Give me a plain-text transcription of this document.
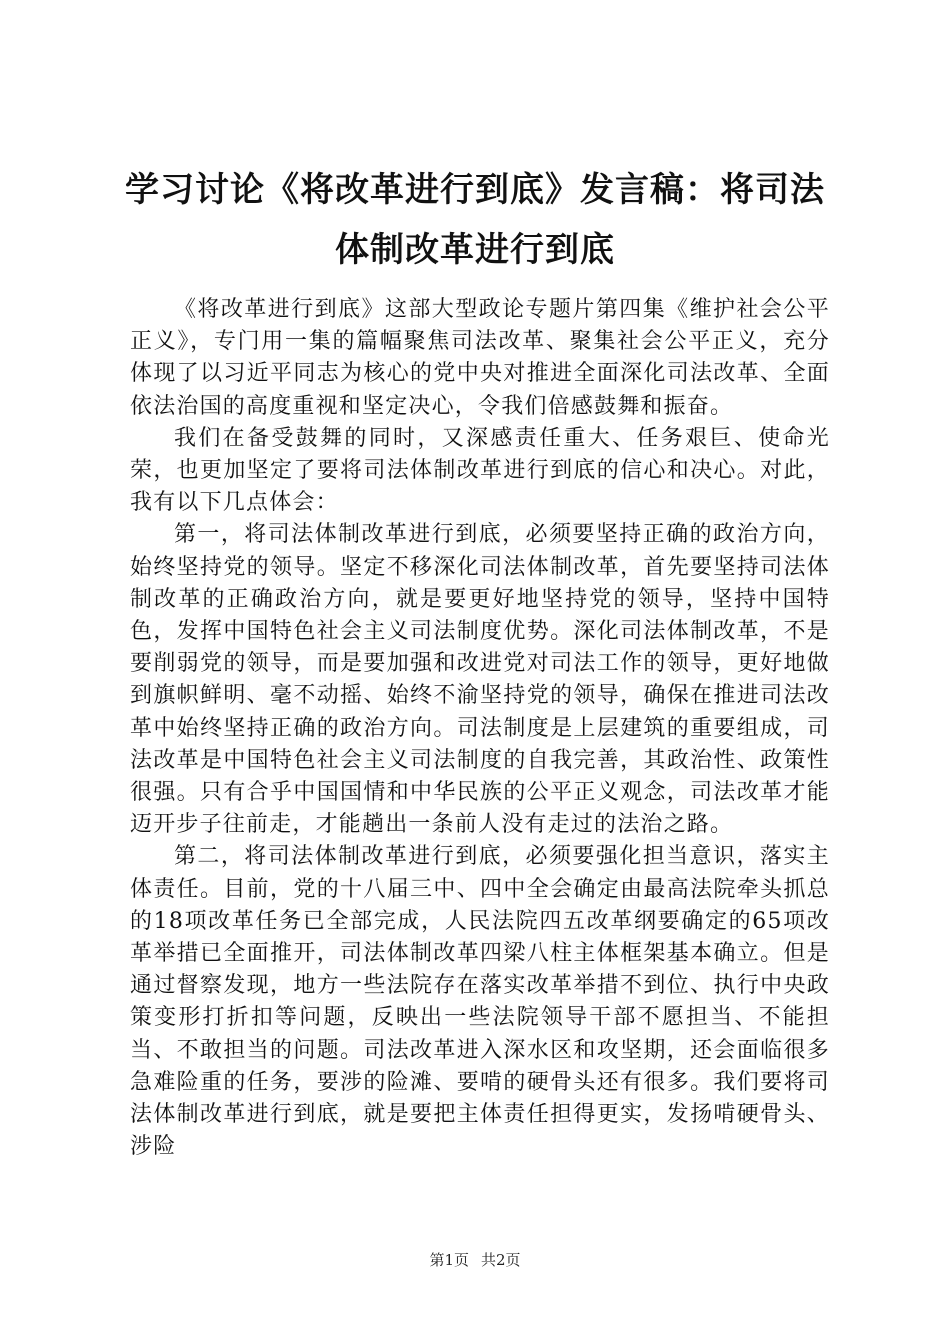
学习讨论《将改革进行到底》发言稿：将司法体制改革进行到底

《将改革进行到底》这部大型政论专题片第四集《维护社会公平正义》，专门用一集的篇幅聚焦司法改革、聚集社会公平正义，充分体现了以习近平同志为核心的党中央对推进全面深化司法改革、全面依法治国的高度重视和坚定决心，令我们倍感鼓舞和振奋。

我们在备受鼓舞的同时，又深感责任重大、任务艰巨、使命光荣，也更加坚定了要将司法体制改革进行到底的信心和决心。对此，我有以下几点体会：

第一，将司法体制改革进行到底，必须要坚持正确的政治方向，始终坚持党的领导。坚定不移深化司法体制改革，首先要坚持司法体制改革的正确政治方向，就是要更好地坚持党的领导，坚持中国特色，发挥中国特色社会主义司法制度优势。深化司法体制改革，不是要削弱党的领导，而是要加强和改进党对司法工作的领导，更好地做到旗帜鲜明、毫不动摇、始终不渝坚持党的领导，确保在推进司法改革中始终坚持正确的政治方向。司法制度是上层建筑的重要组成，司法改革是中国特色社会主义司法制度的自我完善，其政治性、政策性很强。只有合乎中国国情和中华民族的公平正义观念，司法改革才能迈开步子往前走，才能趟出一条前人没有走过的法治之路。

第二，将司法体制改革进行到底，必须要强化担当意识，落实主体责任。目前，党的十八届三中、四中全会确定由最高法院牵头抓总的18项改革任务已全部完成，人民法院四五改革纲要确定的65项改革举措已全面推开，司法体制改革四梁八柱主体框架基本确立。但是通过督察发现，地方一些法院存在落实改革举措不到位、执行中央政策变形打折扣等问题，反映出一些法院领导干部不愿担当、不能担当、不敢担当的问题。司法改革进入深水区和攻坚期，还会面临很多急难险重的任务，要涉的险滩、要啃的硬骨头还有很多。我们要将司法体制改革进行到底，就是要把主体责任担得更实，发扬啃硬骨头、涉险

第1页 共2页
